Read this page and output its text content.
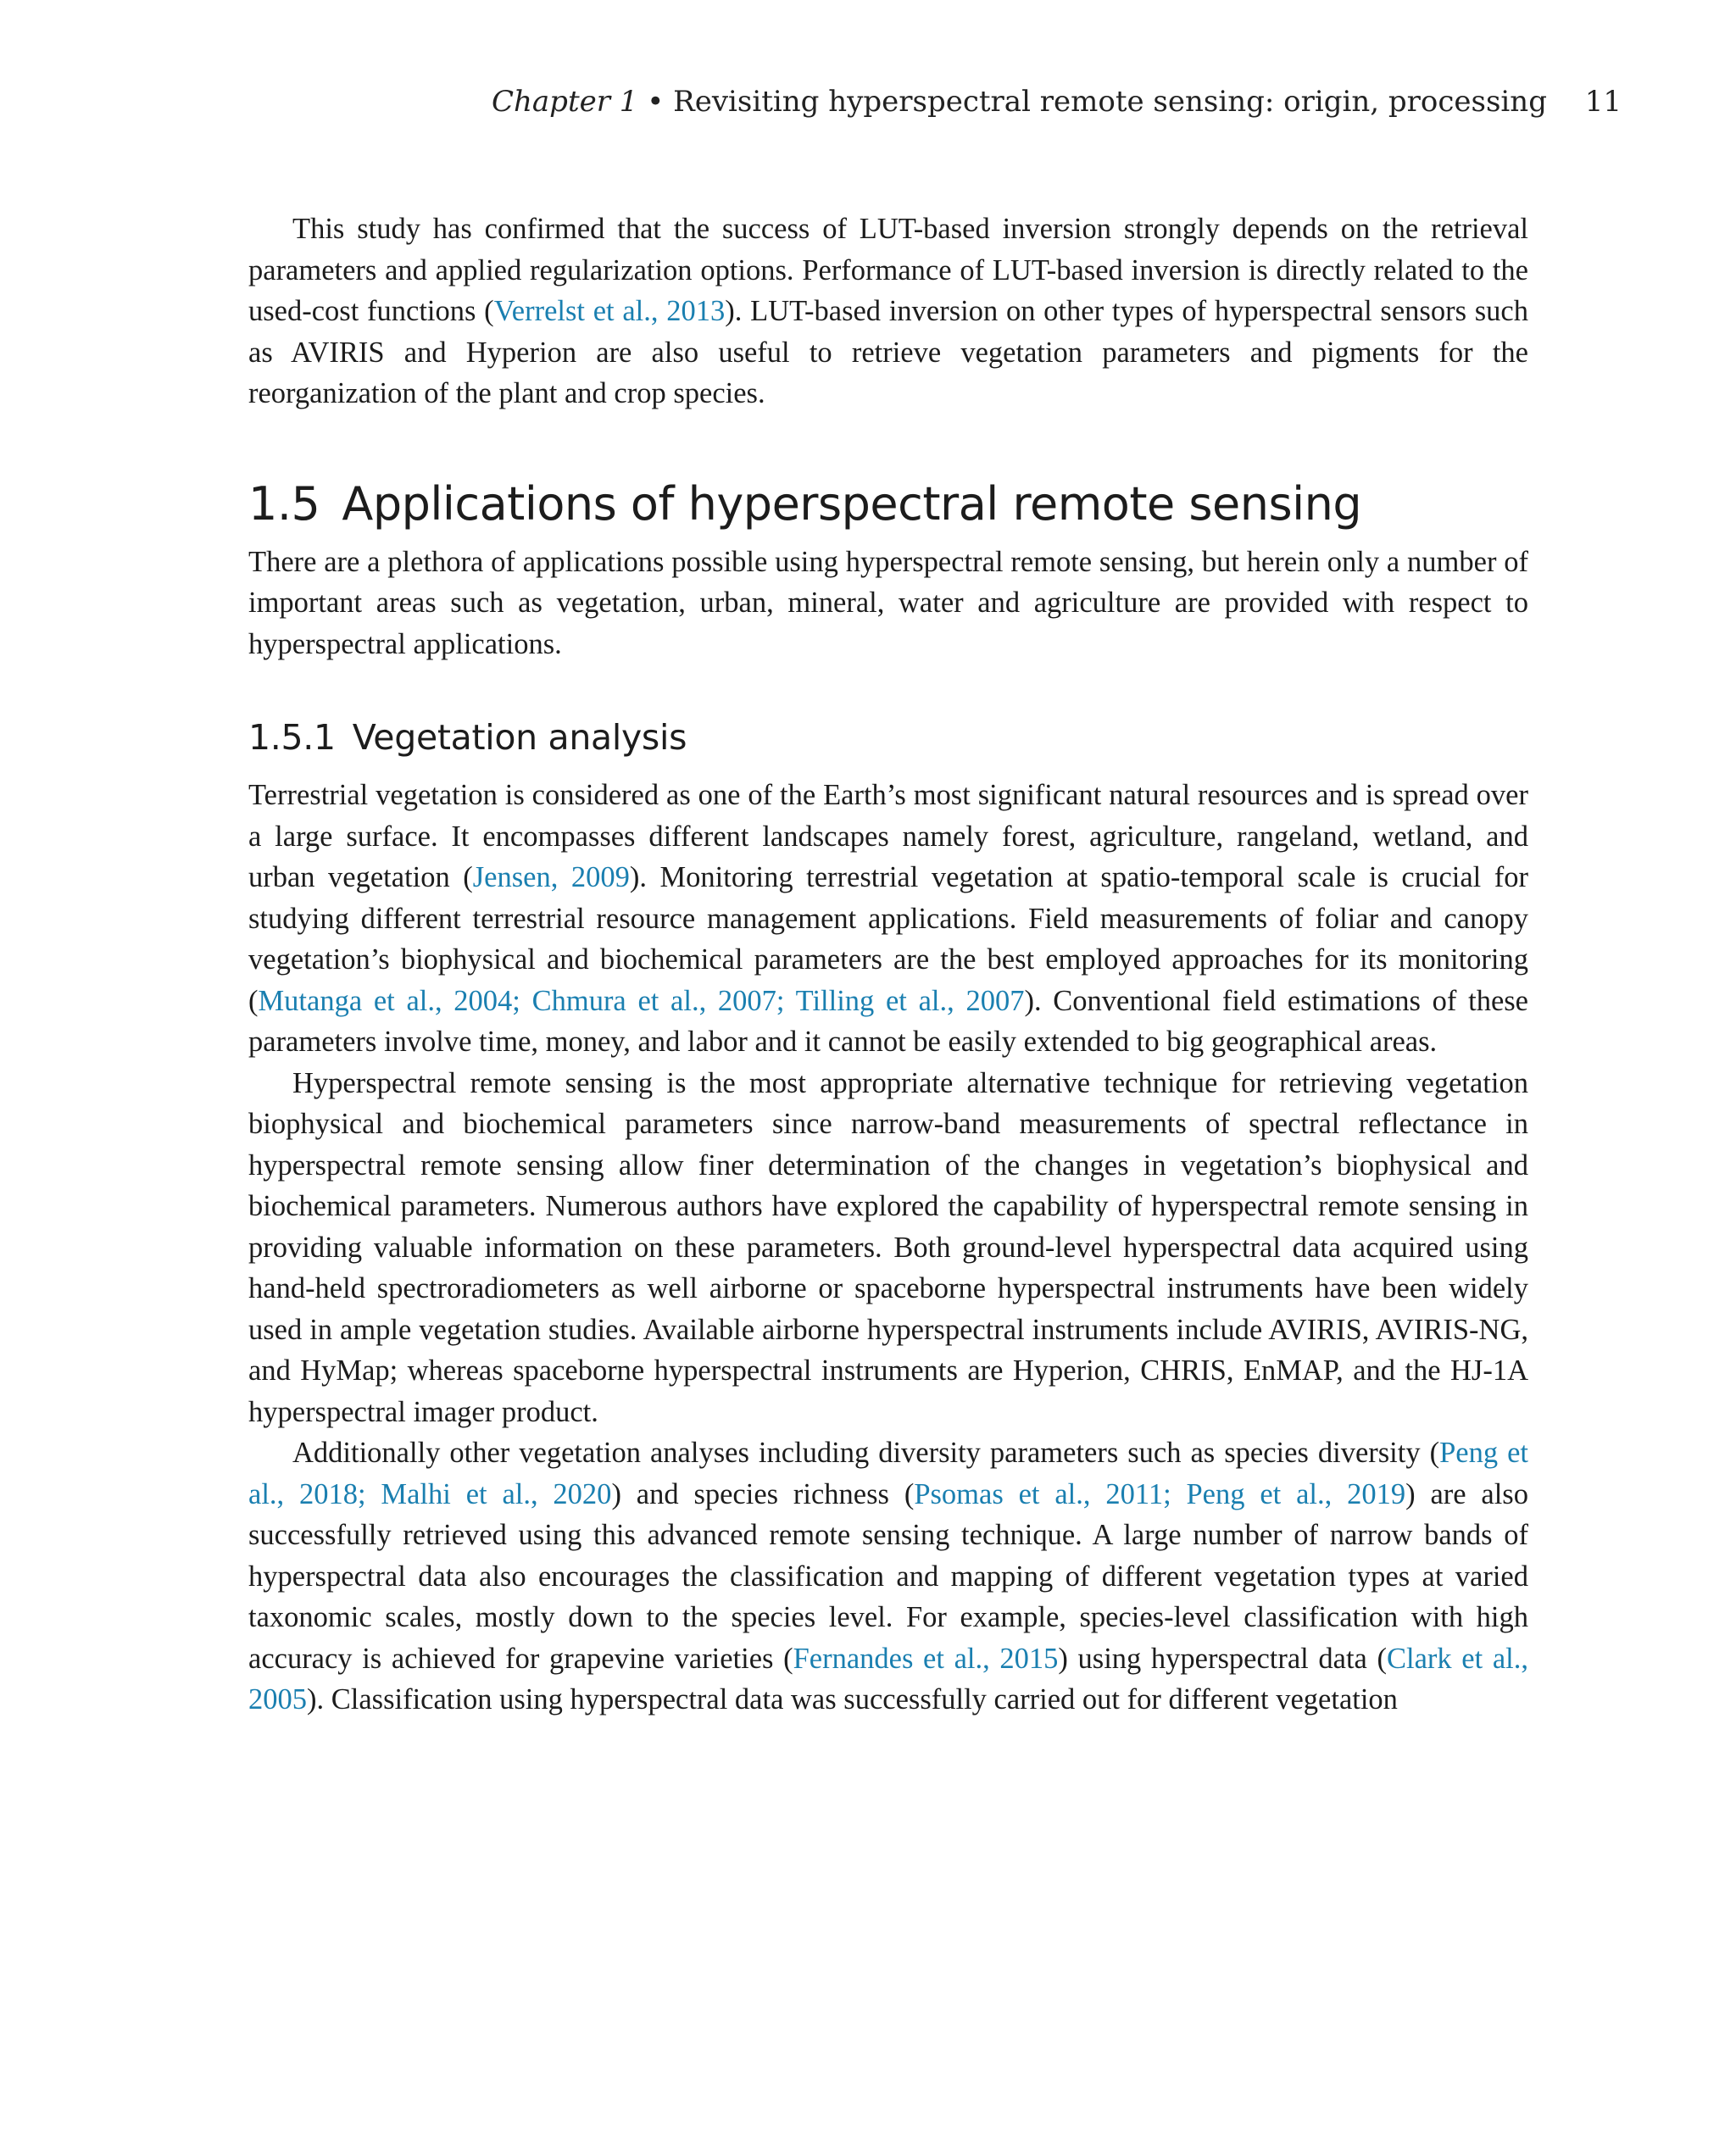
Chapter 1 • Revisiting hyperspectral remote sensing: origin, processing 11

This study has confirmed that the success of LUT-based inversion strongly depends on the retrieval parameters and applied regularization options. Performance of LUT-based inversion is directly related to the used-cost functions (Verrelst et al., 2013). LUT-based inversion on other types of hyperspectral sensors such as AVIRIS and Hyperion are also useful to retrieve vegetation parameters and pigments for the reorganization of the plant and crop species.

1.5   Applications of hyperspectral remote sensing

There are a plethora of applications possible using hyperspectral remote sensing, but herein only a number of important areas such as vegetation, urban, mineral, water and agriculture are provided with respect to hyperspectral applications.

1.5.1   Vegetation analysis

Terrestrial vegetation is considered as one of the Earth’s most significant natural resources and is spread over a large surface. It encompasses different landscapes namely forest, agriculture, rangeland, wetland, and urban vegetation (Jensen, 2009). Monitoring terrestrial vegetation at spatio-temporal scale is crucial for studying different terrestrial resource management applications. Field measurements of foliar and canopy vegetation’s biophysical and biochemical parameters are the best employed approaches for its monitoring (Mutanga et al., 2004; Chmura et al., 2007; Tilling et al., 2007). Conventional field estimations of these parameters involve time, money, and labor and it cannot be easily extended to big geographical areas.

Hyperspectral remote sensing is the most appropriate alternative technique for retrieving vegetation biophysical and biochemical parameters since narrow-band measurements of spectral reflectance in hyperspectral remote sensing allow finer determination of the changes in vegetation’s biophysical and biochemical parameters. Numerous authors have explored the capability of hyperspectral remote sensing in providing valuable information on these parameters. Both ground-level hyperspectral data acquired using hand-held spectroradiometers as well airborne or spaceborne hyperspectral instruments have been widely used in ample vegetation studies. Available airborne hyperspectral instruments include AVIRIS, AVIRIS-NG, and HyMap; whereas spaceborne hyperspectral instruments are Hyperion, CHRIS, EnMAP, and the HJ-1A hyperspectral imager product.

Additionally other vegetation analyses including diversity parameters such as species diversity (Peng et al., 2018; Malhi et al., 2020) and species richness (Psomas et al., 2011; Peng et al., 2019) are also successfully retrieved using this advanced remote sensing technique. A large number of narrow bands of hyperspectral data also encourages the classification and mapping of different vegetation types at varied taxonomic scales, mostly down to the species level. For example, species-level classification with high accuracy is achieved for grapevine varieties (Fernandes et al., 2015) using hyperspectral data (Clark et al., 2005). Classification using hyperspectral data was successfully carried out for different vegetation
